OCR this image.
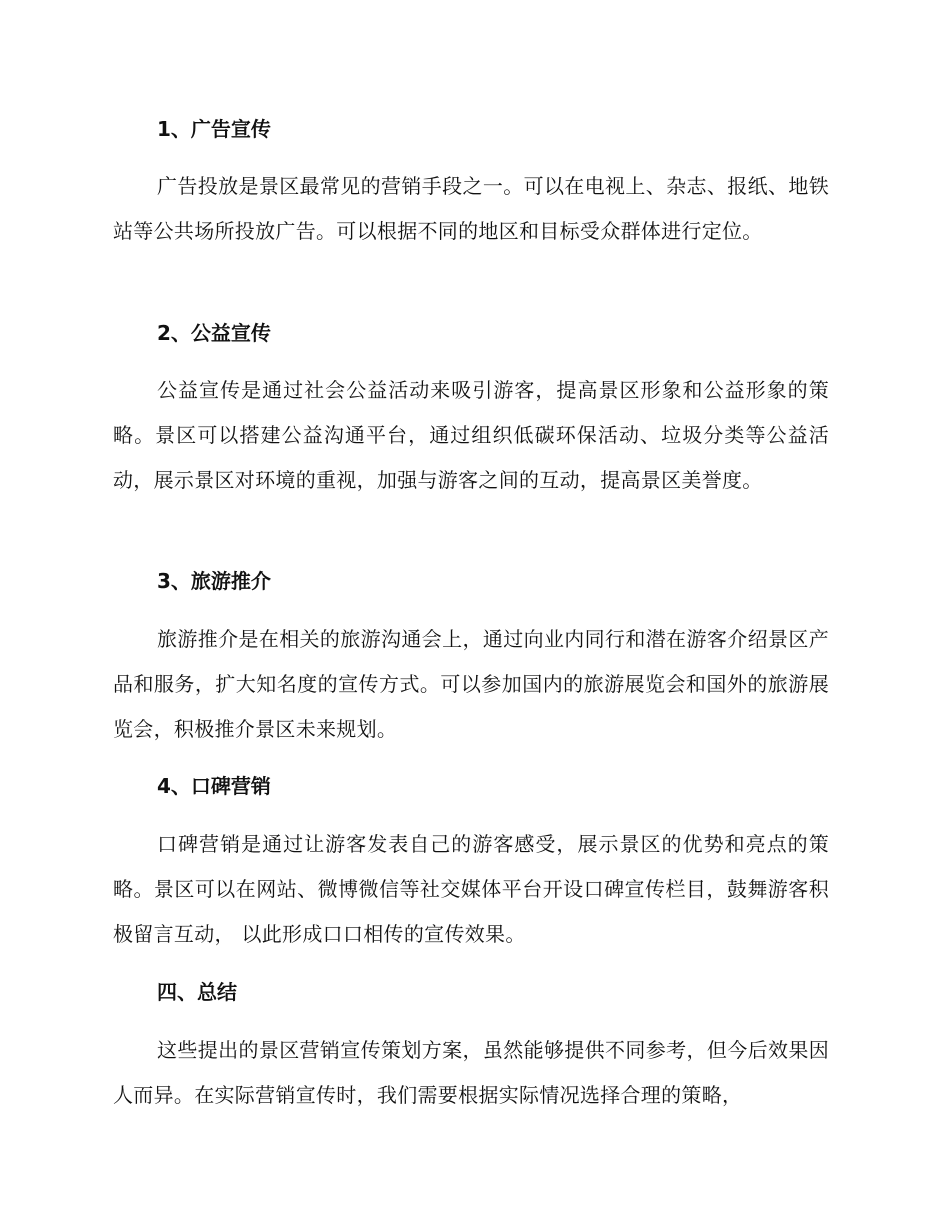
1、广告宣传
广告投放是景区最常见的营销手段之一。可以在电视上、杂志、报纸、地铁站等公共场所投放广告。可以根据不同的地区和目标受众群体进行定位。
2、公益宣传
公益宣传是通过社会公益活动来吸引游客，提高景区形象和公益形象的策略。景区可以搭建公益沟通平台，通过组织低碳环保活动、垃圾分类等公益活动，展示景区对环境的重视，加强与游客之间的互动，提高景区美誉度。
3、旅游推介
旅游推介是在相关的旅游沟通会上，通过向业内同行和潜在游客介绍景区产品和服务，扩大知名度的宣传方式。可以参加国内的旅游展览会和国外的旅游展览会，积极推介景区未来规划。
4、口碑营销
口碑营销是通过让游客发表自己的游客感受，展示景区的优势和亮点的策略。景区可以在网站、微博微信等社交媒体平台开设口碑宣传栏目，鼓舞游客积极留言互动， 以此形成口口相传的宣传效果。
四、总结
这些提出的景区营销宣传策划方案，虽然能够提供不同参考，但今后效果因人而异。在实际营销宣传时，我们需要根据实际情况选择合理的策略，
